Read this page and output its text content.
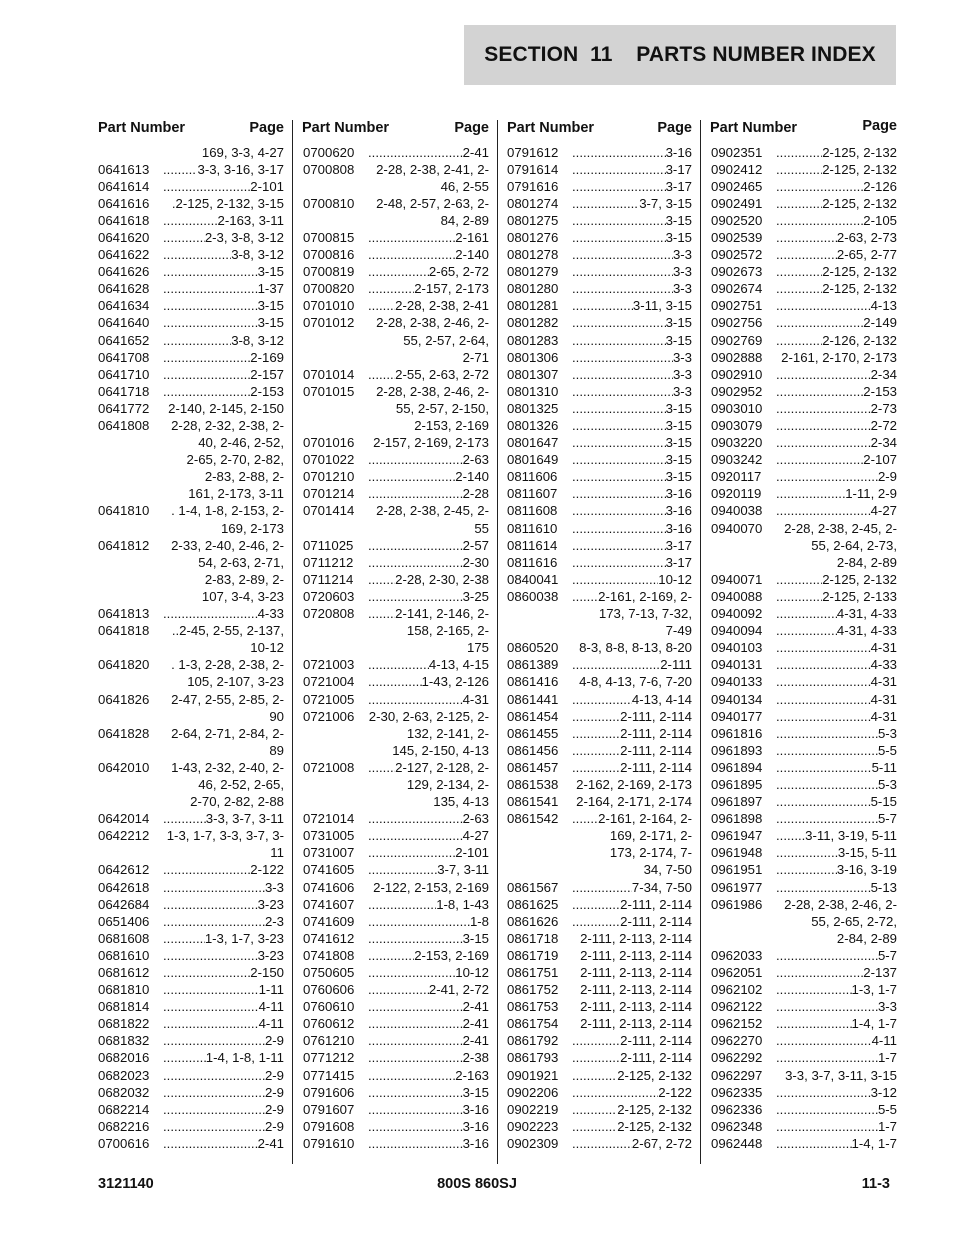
SECTION  11    PARTS NUMBER INDEX
Part Number	Page
169, 3-3, 4-27
0641613 .....	3-3, 3-16, 3-17
0641614 .....	2-101
0641616	.2-125, 2-132, 3-15
0641618 .....	2-163, 3-11
0641620 .....	2-3, 3-8, 3-12
0641622 .....	3-8, 3-12
0641626 .....	3-15
0641628 .....	1-37
0641634 .....	3-15
0641640 .....	3-15
0641652 .....	3-8, 3-12
0641708 .....	2-169
0641710 .....	2-157
0641718 .....	2-153
0641772	2-140, 2-145, 2-150
0641808	2-28, 2-32, 2-38, 2-
40, 2-46, 2-52,
2-65, 2-70, 2-82,
2-83, 2-88, 2-
161, 2-173, 3-11
0641810	. 1-4, 1-8, 2-153, 2-
169, 2-173
0641812	2-33, 2-40, 2-46, 2-
54, 2-63, 2-71,
2-83, 2-89, 2-
107, 3-4, 3-23
0641813 .....	4-33
0641818	..2-45, 2-55, 2-137,
10-12
0641820	. 1-3, 2-28, 2-38, 2-
105, 2-107, 3-23
0641826	2-47, 2-55, 2-85, 2-
90
0641828	2-64, 2-71, 2-84, 2-
89
0642010	1-43, 2-32, 2-40, 2-
46, 2-52, 2-65,
2-70, 2-82, 2-88
0642014 .....	3-3, 3-7, 3-11
0642212 1-3, 1-7, 3-3, 3-7, 3-
11
0642612 .....	2-122
0642618 .....	3-3
0642684 .....	3-23
0651406 .....	2-3
0681608 .....	1-3, 1-7, 3-23
0681610 .....	3-23
0681612 .....	2-150
0681810 .....	1-11
0681814 .....	4-11
0681822 .....	4-11
0681832 .....	2-9
0682016 .....	1-4, 1-8, 1-11
0682023 .....	2-9
0682032 .....	2-9
0682214 .....	2-9
0682216 .....	2-9
0700616 .....	2-41
Part Number	Page
0700620 .....	2-41
0700808	2-28, 2-38, 2-41, 2-
46, 2-55
0700810	2-48, 2-57, 2-63, 2-
84, 2-89
0700815 .....	2-161
0700816 .....	2-140
0700819 .....	2-65, 2-72
0700820 .....	2-157, 2-173
0701010 .....	2-28, 2-38, 2-41
0701012	2-28, 2-38, 2-46, 2-
55, 2-57, 2-64,
2-71
0701014 .....	2-55, 2-63, 2-72
0701015	2-28, 2-38, 2-46, 2-
55, 2-57, 2-150,
2-153, 2-169
0701016	2-157, 2-169, 2-173
0701022 .....	2-63
0701210 .....	2-140
0701214 .....	2-28
0701414	2-28, 2-38, 2-45, 2-
55
0711025 .....	2-57
0711212 .....	2-30
0711214 .....	2-28, 2-30, 2-38
0720603 .....	3-25
0720808 .....	2-141, 2-146, 2-
158, 2-165, 2-
175
0721003 .....	4-13, 4-15
0721004 .....	1-43, 2-126
0721005 .....	4-31
0721006 2-30, 2-63, 2-125, 2-
132, 2-141, 2-
145, 2-150, 4-13
0721008 .....	2-127, 2-128, 2-
129, 2-134, 2-
135, 4-13
0721014 .....	2-63
0731005 .....	4-27
0731007 .....	2-101
0741605 .....	3-7, 3-11
0741606	2-122, 2-153, 2-169
0741607 .....	1-8, 1-43
0741609 .....	1-8
0741612 .....	3-15
0741808 .....	2-153, 2-169
0750605 .....	10-12
0760606 .....	2-41, 2-72
0760610 .....	2-41
0760612 .....	2-41
0761210 .....	2-41
0771212 .....	2-38
0771415 .....	2-163
0791606 .....	3-15
0791607 .....	3-16
0791608 .....	3-16
0791610 .....	3-16
Part Number	Page
0791612 .....	3-16
0791614 .....	3-17
0791616 .....	3-17
0801274 .....	3-7, 3-15
0801275 .....	3-15
0801276 .....	3-15
0801278 .....	3-3
0801279 .....	3-3
0801280 .....	3-3
0801281 .....	3-11, 3-15
0801282 .....	3-15
0801283 .....	3-15
0801306 .....	3-3
0801307 .....	3-3
0801310 .....	3-3
0801325 .....	3-15
0801326 .....	3-15
0801647 .....	3-15
0801649 .....	3-15
0811606 .....	3-15
0811607 .....	3-16
0811608 .....	3-16
0811610 .....	3-16
0811614 .....	3-17
0811616 .....	3-17
0840041 .....	10-12
0860038 .....	2-161, 2-169, 2-
173, 7-13, 7-32,
7-49
0860520	8-3, 8-8, 8-13, 8-20
0861389 .....	2-111
0861416	4-8, 4-13, 7-6, 7-20
0861441 .....	4-13, 4-14
0861454 .....	2-111, 2-114
0861455 .....	2-111, 2-114
0861456 .....	2-111, 2-114
0861457 .....	2-111, 2-114
0861538	2-162, 2-169, 2-173
0861541	2-164, 2-171, 2-174
0861542 .....	2-161, 2-164, 2-
169, 2-171, 2-
173, 2-174, 7-
34, 7-50
0861567 .....	7-34, 7-50
0861625 .....	2-111, 2-114
0861626 .....	2-111, 2-114
0861718	2-111, 2-113, 2-114
0861719	2-111, 2-113, 2-114
0861751	2-111, 2-113, 2-114
0861752	2-111, 2-113, 2-114
0861753	2-111, 2-113, 2-114
0861754	2-111, 2-113, 2-114
0861792 .....	2-111, 2-114
0861793 .....	2-111, 2-114
0901921 .....	2-125, 2-132
0902206 .....	2-122
0902219 .....	2-125, 2-132
0902223 .....	2-125, 2-132
0902309 .....	2-67, 2-72
Part Number	Page
0902351 .....	2-125, 2-132
0902412 .....	2-125, 2-132
0902465 .....	2-126
0902491 .....	2-125, 2-132
0902520 .....	2-105
0902539 .....	2-63, 2-73
0902572 .....	2-65, 2-77
0902673 .....	2-125, 2-132
0902674 .....	2-125, 2-132
0902751 .....	4-13
0902756 .....	2-149
0902769 .....	2-126, 2-132
0902888	2-161, 2-170, 2-173
0902910 .....	2-34
0902952 .....	2-153
0903010 .....	2-73
0903079 .....	2-72
0903220 .....	2-34
0903242 .....	2-107
0920117 .....	2-9
0920119 .....	1-11, 2-9
0940038 .....	4-27
0940070	2-28, 2-38, 2-45, 2-
55, 2-64, 2-73,
2-84, 2-89
0940071 .....	2-125, 2-132
0940088 .....	2-125, 2-133
0940092 .....	4-31, 4-33
0940094 .....	4-31, 4-33
0940103 .....	4-31
0940131 .....	4-33
0940133 .....	4-31
0940134 .....	4-31
0940177 .....	4-31
0961816 .....	5-3
0961893 .....	5-5
0961894 .....	5-11
0961895 .....	5-3
0961897 .....	5-15
0961898 .....	5-7
0961947 .....	3-11, 3-19, 5-11
0961948 .....	3-15, 5-11
0961951 .....	3-16, 3-19
0961977 .....	5-13
0961986	2-28, 2-38, 2-46, 2-
55, 2-65, 2-72,
2-84, 2-89
0962033 .....	5-7
0962051 .....	2-137
0962102 .....	1-3, 1-7
0962122 .....	3-3
0962152 .....	1-4, 1-7
0962270 .....	4-11
0962292 .....	1-7
0962297	3-3, 3-7, 3-11, 3-15
0962335 .....	3-12
0962336 .....	5-5
0962348 .....	1-7
0962448 .....	1-4, 1-7
3121140	800S 860SJ	11-3
